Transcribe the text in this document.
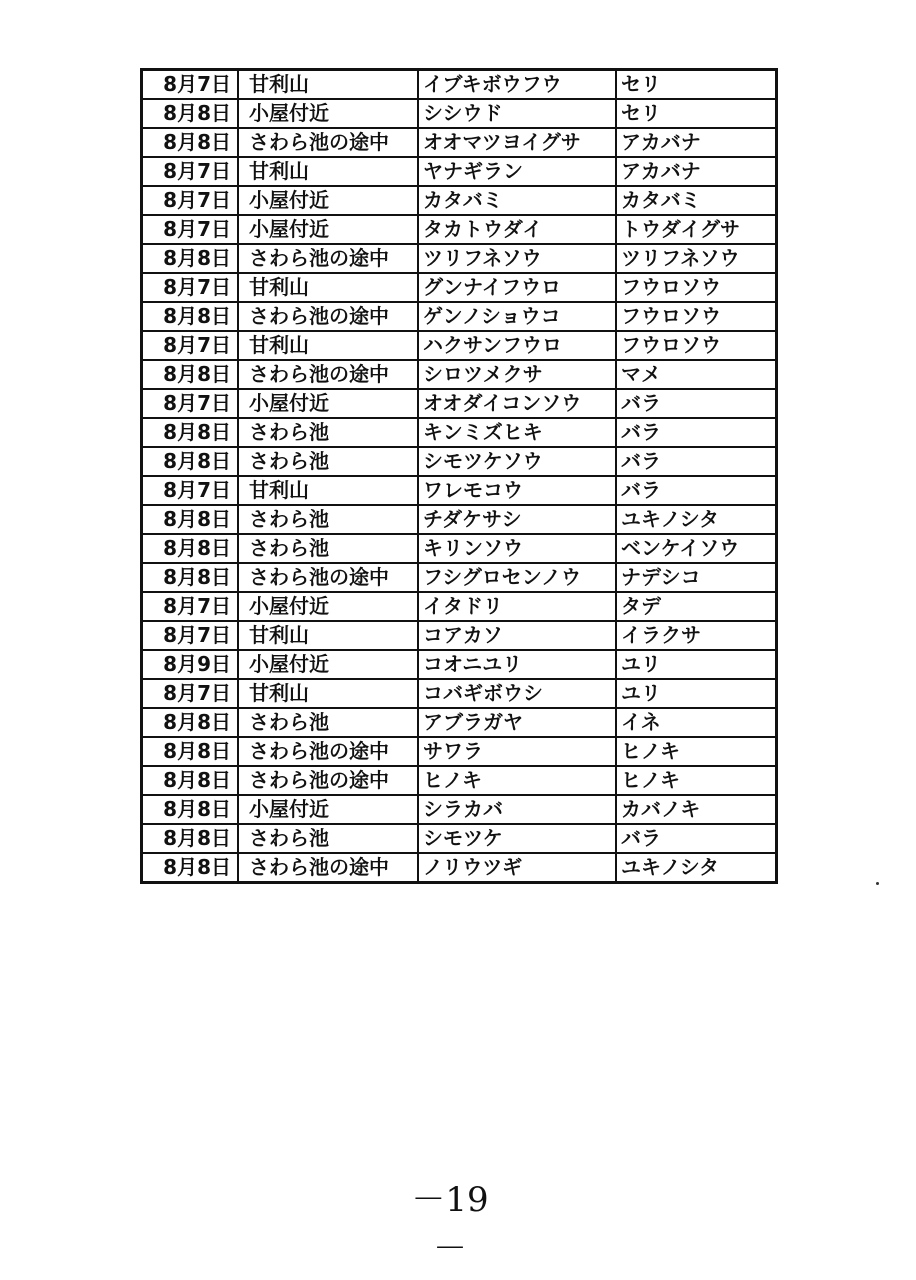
8月7日	甘利山	イブキボウフウ	セリ
8月8日	小屋付近	シシウド	セリ
8月8日	さわら池の途中	オオマツヨイグサ	アカバナ
8月7日	甘利山	ヤナギラン	アカバナ
8月7日	小屋付近	カタバミ	カタバミ
8月7日	小屋付近	タカトウダイ	トウダイグサ
8月8日	さわら池の途中	ツリフネソウ	ツリフネソウ
8月7日	甘利山	グンナイフウロ	フウロソウ
8月8日	さわら池の途中	ゲンノショウコ	フウロソウ
8月7日	甘利山	ハクサンフウロ	フウロソウ
8月8日	さわら池の途中	シロツメクサ	マメ
8月7日	小屋付近	オオダイコンソウ	バラ
8月8日	さわら池	キンミズヒキ	バラ
8月8日	さわら池	シモツケソウ	バラ
8月7日	甘利山	ワレモコウ	バラ
8月8日	さわら池	チダケサシ	ユキノシタ
8月8日	さわら池	キリンソウ	ベンケイソウ
8月8日	さわら池の途中	フシグロセンノウ	ナデシコ
8月7日	小屋付近	イタドリ	タデ
8月7日	甘利山	コアカソ	イラクサ
8月9日	小屋付近	コオニユリ	ユリ
8月7日	甘利山	コバギボウシ	ユリ
8月8日	さわら池	アブラガヤ	イネ
8月8日	さわら池の途中	サワラ	ヒノキ
8月8日	さわら池の途中	ヒノキ	ヒノキ
8月8日	小屋付近	シラカバ	カバノキ
8月8日	さわら池	シモツケ	バラ
8月8日	さわら池の途中	ノリウツギ	ユキノシタ
－19－
